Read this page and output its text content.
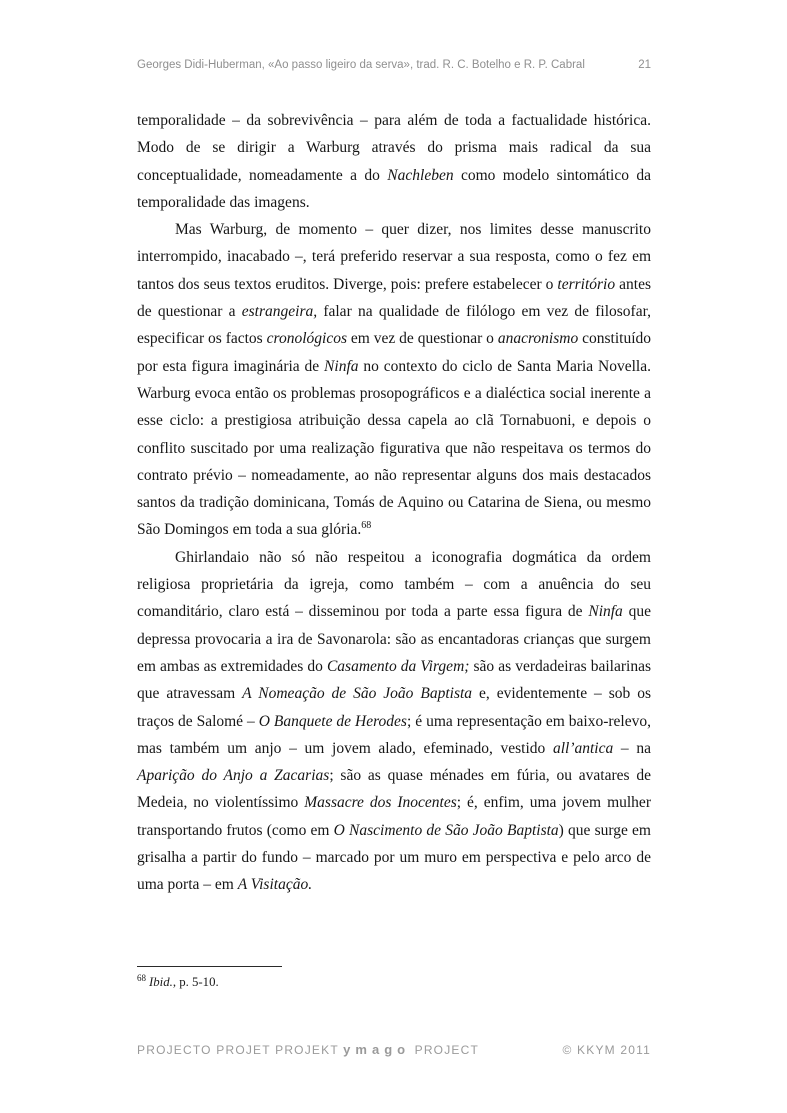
Georges Didi-Huberman, «Ao passo ligeiro da serva», trad. R. C. Botelho e R. P. Cabral	21

temporalidade – da sobrevivência – para além de toda a factualidade histórica. Modo de se dirigir a Warburg através do prisma mais radical da sua conceptualidade, nomeadamente a do Nachleben como modelo sintomático da temporalidade das imagens.

Mas Warburg, de momento – quer dizer, nos limites desse manuscrito interrompido, inacabado –, terá preferido reservar a sua resposta, como o fez em tantos dos seus textos eruditos. Diverge, pois: prefere estabelecer o território antes de questionar a estrangeira, falar na qualidade de filólogo em vez de filosofar, especificar os factos cronológicos em vez de questionar o anacronismo constituído por esta figura imaginária de Ninfa no contexto do ciclo de Santa Maria Novella. Warburg evoca então os problemas prosopográficos e a dialéctica social inerente a esse ciclo: a prestigiosa atribuição dessa capela ao clã Tornabuoni, e depois o conflito suscitado por uma realização figurativa que não respeitava os termos do contrato prévio – nomeadamente, ao não representar alguns dos mais destacados santos da tradição dominicana, Tomás de Aquino ou Catarina de Siena, ou mesmo São Domingos em toda a sua glória.$^{68}$

Ghirlandaio não só não respeitou a iconografia dogmática da ordem religiosa proprietária da igreja, como também – com a anuência do seu comanditário, claro está – disseminou por toda a parte essa figura de Ninfa que depressa provocaria a ira de Savonarola: são as encantadoras crianças que surgem em ambas as extremidades do Casamento da Virgem; são as verdadeiras bailarinas que atravessam A Nomeação de São João Baptista e, evidentemente – sob os traços de Salomé – O Banquete de Herodes; é uma representação em baixo-relevo, mas também um anjo – um jovem alado, efeminado, vestido all’antica – na Aparição do Anjo a Zacarias; são as quase ménades em fúria, ou avatares de Medeia, no violentíssimo Massacre dos Inocentes; é, enfim, uma jovem mulher transportando frutos (como em O Nascimento de São João Baptista) que surge em grisalha a partir do fundo – marcado por um muro em perspectiva e pelo arco de uma porta – em A Visitação.

$^{68}$ Ibid., p. 5-10.
PROJECTO PROJET PROJEKT ymago PROJECT	© KKYM 2011
